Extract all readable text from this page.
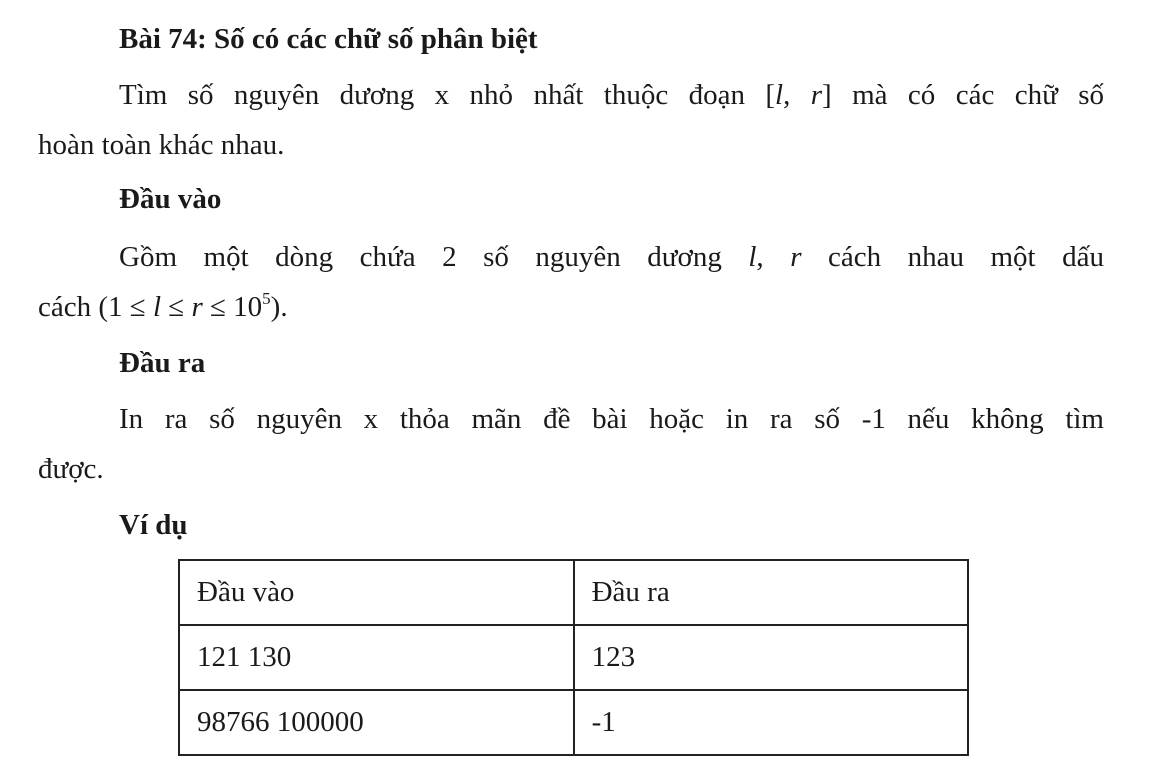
Bài 74: Số có các chữ số phân biệt
Tìm số nguyên dương x nhỏ nhất thuộc đoạn [l, r] mà có các chữ số
hoàn toàn khác nhau.
Đầu vào
Gồm một dòng chứa 2 số nguyên dương l, r cách nhau một dấu
cách $(1 \le l \le r \le 10^5)$.
Đầu ra
In ra số nguyên x thỏa mãn đề bài hoặc in ra số -1 nếu không tìm
được.
Ví dụ
Đầu vào	Đầu ra
121 130	123
98766 100000	-1
